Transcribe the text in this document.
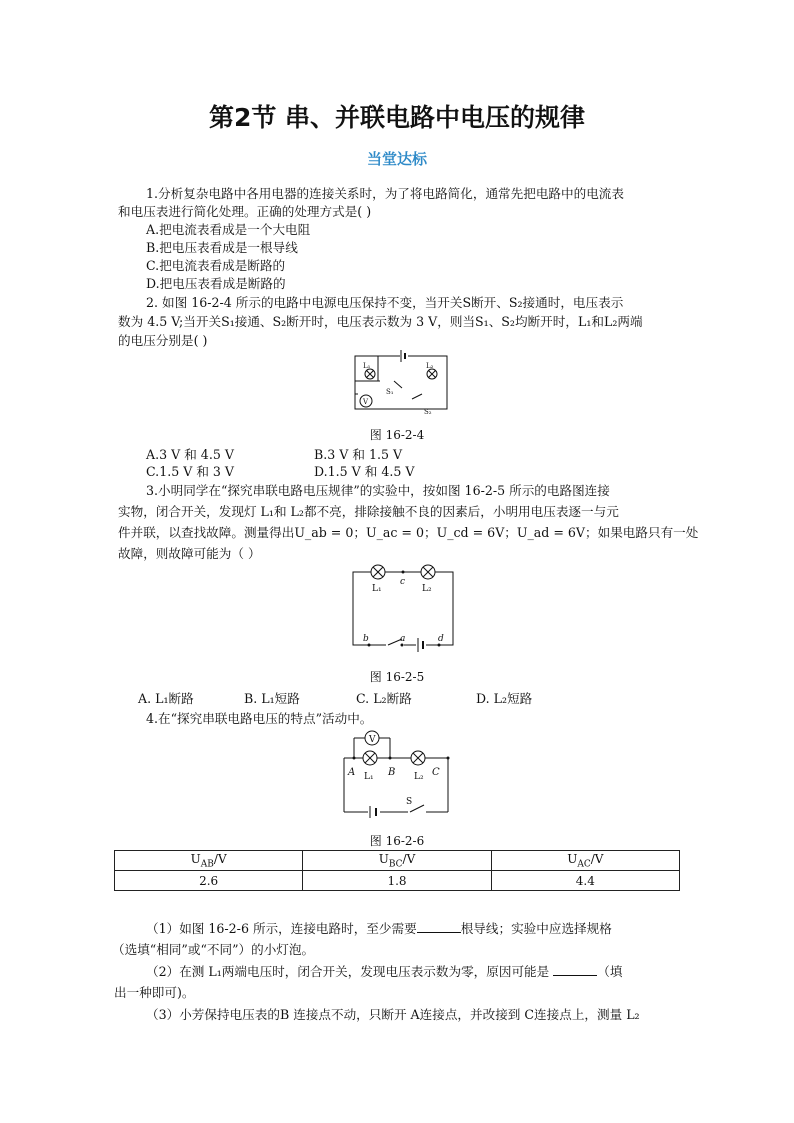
第2节 串、并联电路中电压的规律
当堂达标
1.分析复杂电路中各用电器的连接关系时，为了将电路简化，通常先把电路中的电流表
和电压表进行简化处理。正确的处理方式是( )
A.把电流表看成是一个大电阻
B.把电压表看成是一根导线
C.把电流表看成是断路的
D.把电压表看成是断路的
2. 如图 16-2-4 所示的电路中电源电压保持不变，当开关S断开、S₂接通时，电压表示
数为 4.5 V;当开关S₁接通、S₂断开时，电压表示数为 3 V，则当S₁、S₂均断开时，L₁和L₂两端
的电压分别是( )
L₁	L₂
S₁
S₂
V
图 16-2-4
A.3 V 和 4.5 V	B.3 V 和 1.5 V
C.1.5 V 和 3 V	D.1.5 V 和 4.5 V
3.小明同学在“探究串联电路电压规律”的实验中，按如图 16-2-5 所示的电路图连接
实物，闭合开关，发现灯 L₁和 L₂都不亮，排除接触不良的因素后，小明用电压表逐一与元
件并联，以查找故障。测量得出U_ab = 0；U_ac = 0；U_cd = 6V；U_ad = 6V；如果电路只有一处
故障，则故障可能为（ ）
L₁	L₂
c
b	a	d
图 16-2-5
A. L₁断路	B. L₁短路	C. L₂断路	D. L₂短路
4.在“探究串联电路电压的特点”活动中。
V
A	B	C
L₁	L₂
S
图 16-2-6
$U_{AB}/V$	$U_{BC}/V$	$U_{AC}/V$
2.6	1.8	4.4
（1）如图 16-2-6 所示，连接电路时，至少需要	根导线；实验中应选择规格
（选填“相同”或“不同”）的小灯泡。
（2）在测 L₁两端电压时，闭合开关，发现电压表示数为零，原因可能是	（填
出一种即可)。
（3）小芳保持电压表的B 连接点不动，只断开 A连接点，并改接到 C连接点上，测量 L₂
